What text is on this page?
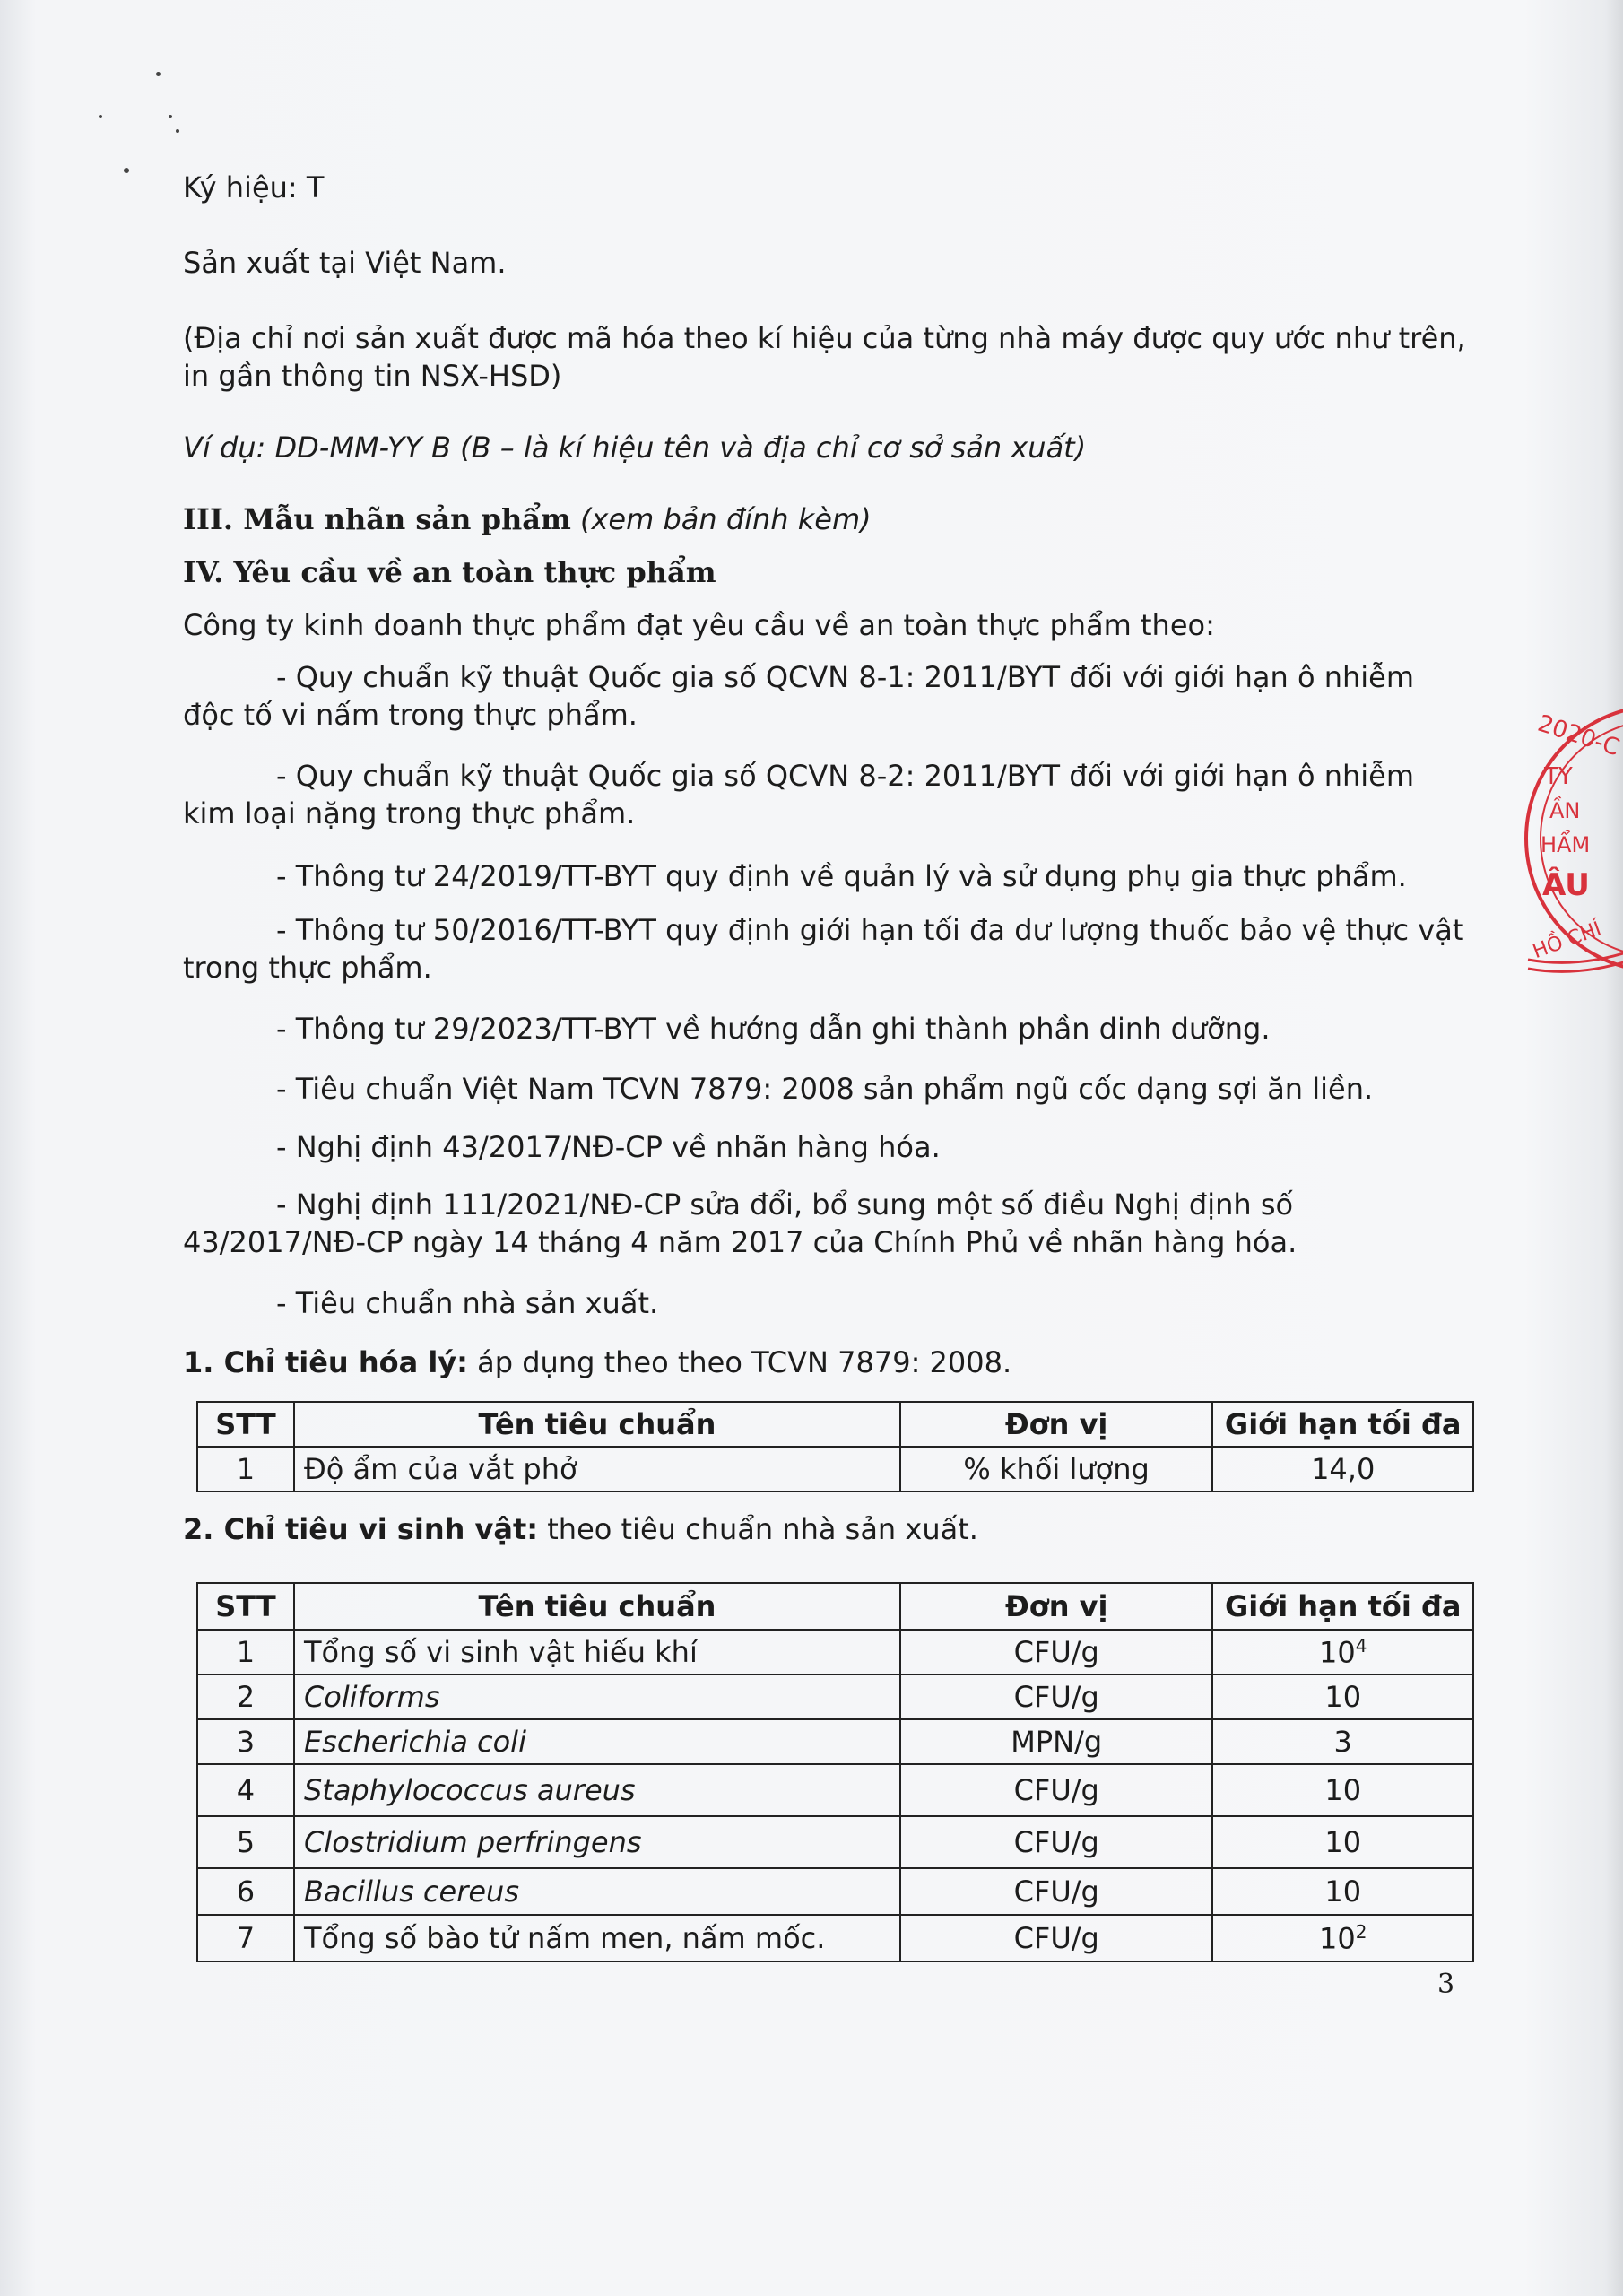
Ký hiệu: T

Sản xuất tại Việt Nam.

(Địa chỉ nơi sản xuất được mã hóa theo kí hiệu của từng nhà máy được quy ước như trên, in gần thông tin NSX-HSD)

Ví dụ: DD-MM-YY B (B – là kí hiệu tên và địa chỉ cơ sở sản xuất)

III. Mẫu nhãn sản phẩm (xem bản đính kèm)

IV. Yêu cầu về an toàn thực phẩm

Công ty kinh doanh thực phẩm đạt yêu cầu về an toàn thực phẩm theo:

- Quy chuẩn kỹ thuật Quốc gia số QCVN 8-1: 2011/BYT đối với giới hạn ô nhiễm độc tố vi nấm trong thực phẩm.

- Quy chuẩn kỹ thuật Quốc gia số QCVN 8-2: 2011/BYT đối với giới hạn ô nhiễm kim loại nặng trong thực phẩm.

- Thông tư 24/2019/TT-BYT quy định về quản lý và sử dụng phụ gia thực phẩm.

- Thông tư 50/2016/TT-BYT quy định giới hạn tối đa dư lượng thuốc bảo vệ thực vật trong thực phẩm.

- Thông tư 29/2023/TT-BYT về hướng dẫn ghi thành phần dinh dưỡng.

- Tiêu chuẩn Việt Nam TCVN 7879: 2008 sản phẩm ngũ cốc dạng sợi ăn liền.

- Nghị định 43/2017/NĐ-CP về nhãn hàng hóa.

- Nghị định 111/2021/NĐ-CP sửa đổi, bổ sung một số điều Nghị định số 43/2017/NĐ-CP ngày 14 tháng 4 năm 2017 của Chính Phủ về nhãn hàng hóa.

- Tiêu chuẩn nhà sản xuất.

1. Chỉ tiêu hóa lý: áp dụng theo theo TCVN 7879: 2008.

STT	Tên tiêu chuẩn	Đơn vị	Giới hạn tối đa
1	Độ ẩm của vắt phở	% khối lượng	14,0

2. Chỉ tiêu vi sinh vật: theo tiêu chuẩn nhà sản xuất.

STT	Tên tiêu chuẩn	Đơn vị	Giới hạn tối đa
1	Tổng số vi sinh vật hiếu khí	CFU/g	$10^4$
2	Coliforms	CFU/g	10
3	Escherichia coli	MPN/g	3
4	Staphylococcus aureus	CFU/g	10
5	Clostridium perfringens	CFU/g	10
6	Bacillus cereus	CFU/g	10
7	Tổng số bào tử nấm men, nấm mốc.	CFU/g	$10^2$
3
2020-C
TY
ẦN
HẨM
ÂU
HỒ CHÍ
